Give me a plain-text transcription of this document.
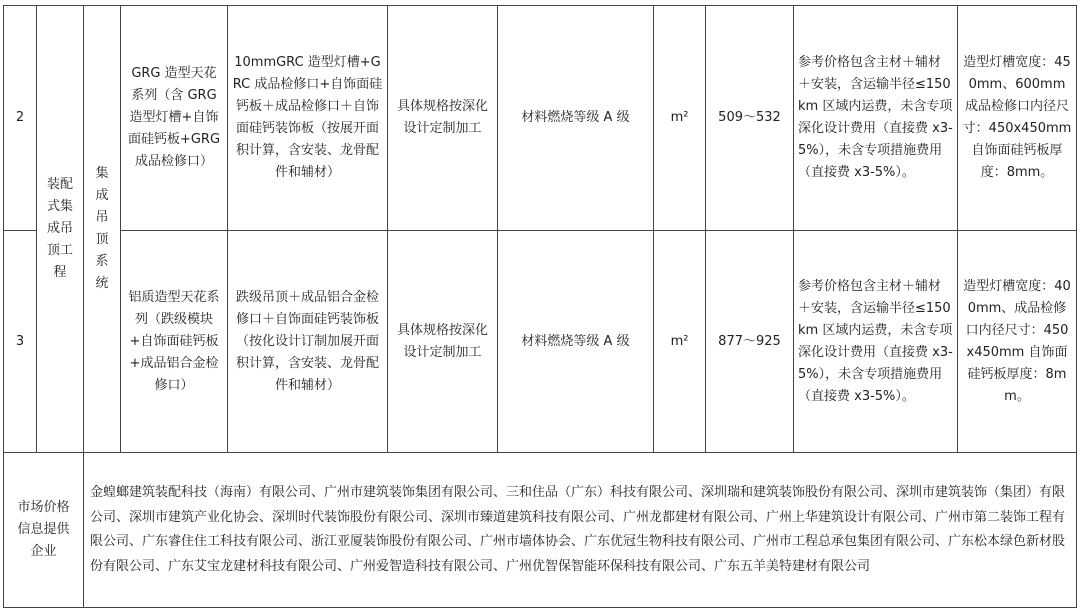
2	装配式集成吊顶工程	集成吊顶系统	GRG 造型天花系列（含 GRG 造型灯槽+自饰面硅钙板+GRG 成品检修口）	10mmGRC 造型灯槽+GRC 成品检修口+自饰面硅钙板＋成品检修口＋自饰面硅钙装饰板（按展开面积计算，含安装、龙骨配件和辅材）	具体规格按深化设计定制加工	材料燃烧等级 A 级	m²	509～532	参考价格包含主材＋辅材＋安装，含运输半径≤150km 区域内运费，未含专项深化设计费用（直接费 x3-5%），未含专项措施费用（直接费 x3-5%）。	造型灯槽宽度：450mm、600mm 成品检修口内径尺寸：450x450mm 自饰面硅钙板厚度：8mm。
3			铝质造型天花系列（跌级模块+自饰面硅钙板+成品铝合金检修口）	跌级吊顶＋成品铝合金检修口＋自饰面硅钙装饰板（按化设计订制加展开面积计算，含安装、龙骨配件和辅材）	具体规格按深化设计定制加工	材料燃烧等级 A 级	m²	877～925	参考价格包含主材＋辅材＋安装，含运输半径≤150km 区域内运费，未含专项深化设计费用（直接费 x3-5%），未含专项措施费用（直接费 x3-5%）。	造型灯槽宽度：400mm、成品检修口内径尺寸：450x450mm 自饰面硅钙板厚度：8mm。

市场价格信息提供企业		金蝗螂建筑装配科技（海南）有限公司、广州市建筑装饰集团有限公司、三和住品（广东）科技有限公司、深圳瑞和建筑装饰股份有限公司、深圳市建筑装饰（集团）有限公司、深圳市建筑产业化协会、深圳时代装饰股份有限公司、深圳市臻道建筑科技有限公司、广州龙都建材有限公司、广州上华建筑设计有限公司、广州市第二装饰工程有限公司、广东睿住住工科技有限公司、浙江亚厦装饰股份有限公司、广州市墙体协会、广东优冠生物科技有限公司、广州市工程总承包集团有限公司、广东松本绿色新材股份有限公司、广东艾宝龙建材科技有限公司、广州爱智造科技有限公司、广州优智保智能环保科技有限公司、广东五羊美特建材有限公司								
